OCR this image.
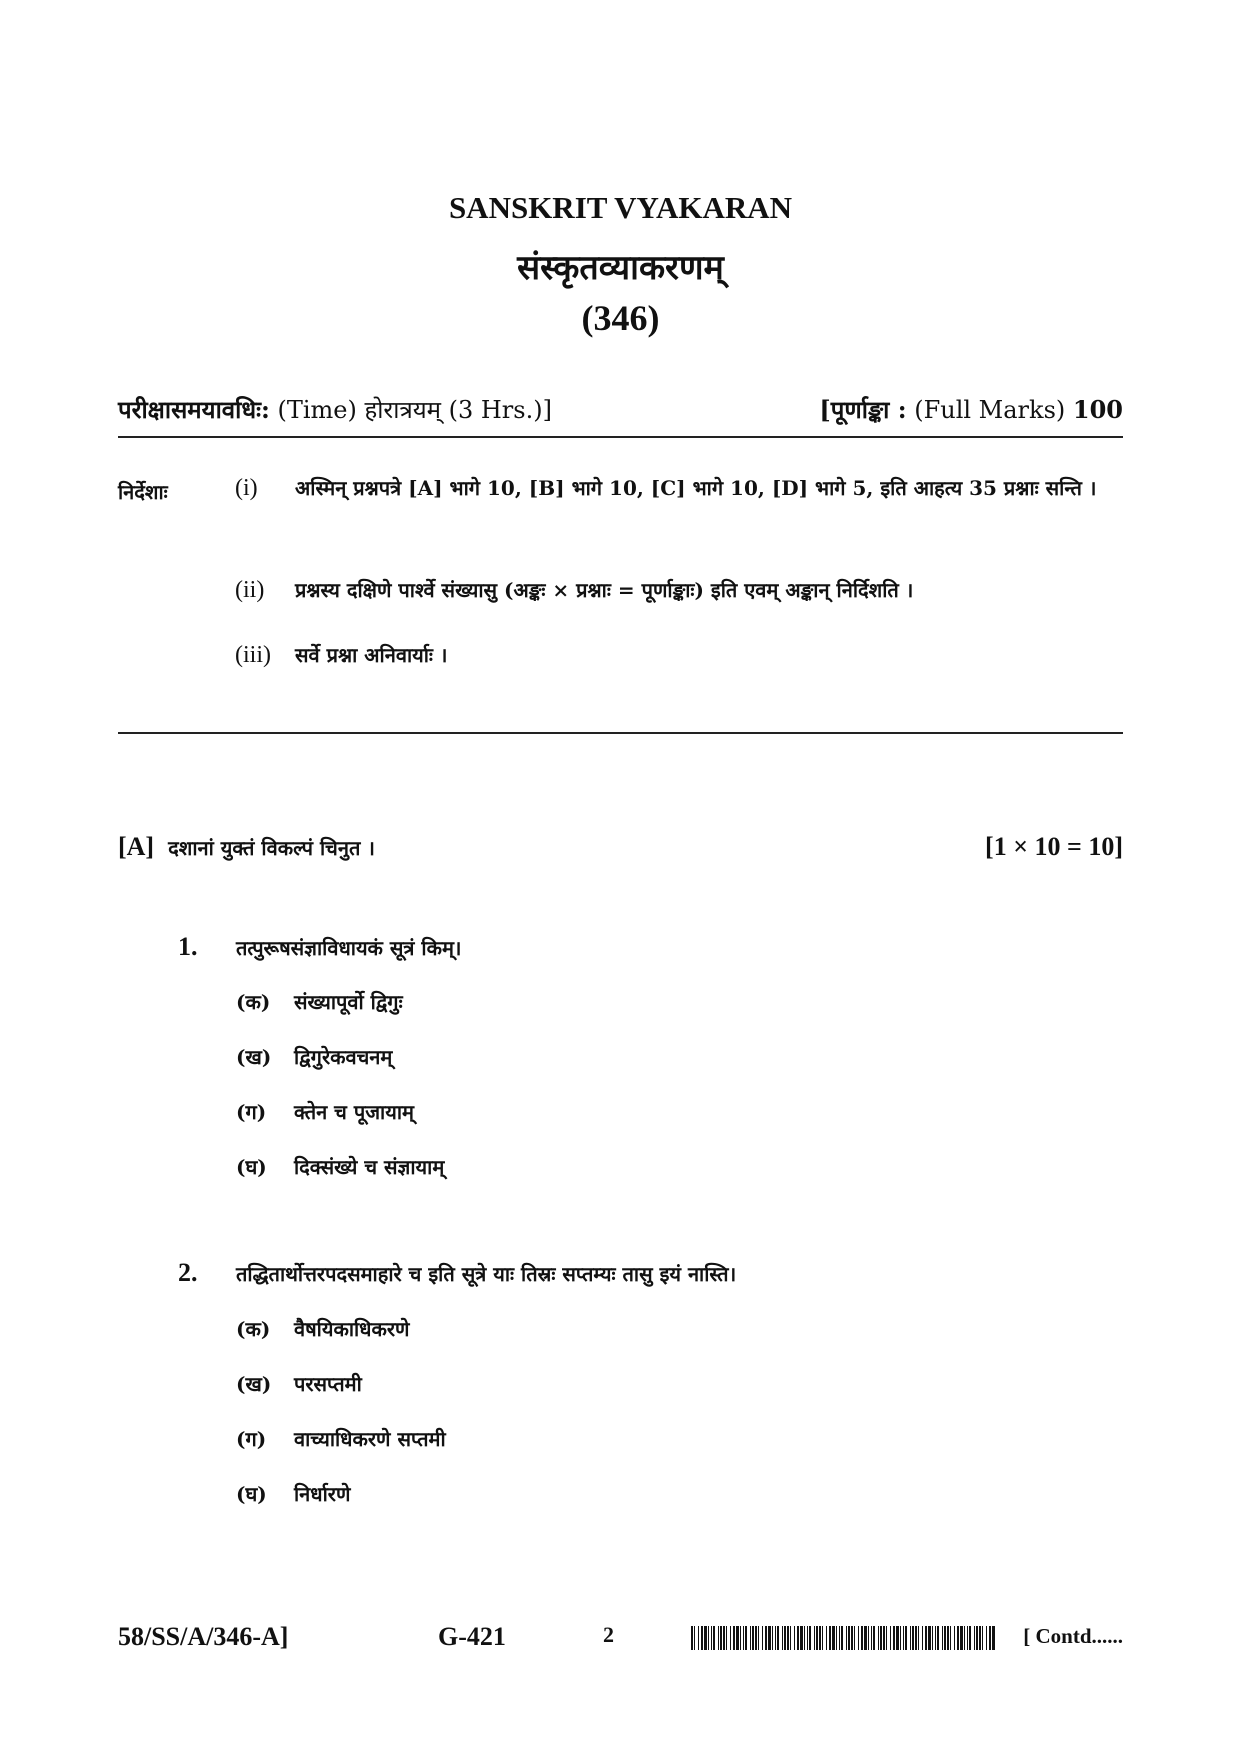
SANSKRIT VYAKARAN
संस्कृतव्याकरणम्
(346)
परीक्षासमयावधिः: (Time) होरात्रयम् (3 Hrs.)]	[पूर्णाङ्का : (Full Marks) 100
निर्देशाः	(i) अस्मिन् प्रश्नपत्रे [A] भागे 10, [B] भागे 10, [C] भागे 10, [D] भागे 5, इति आहत्य 35 प्रश्नाः सन्ति ।
(ii) प्रश्नस्य दक्षिणे पार्श्वे संख्यासु (अङ्कः × प्रश्नाः = पूर्णाङ्काः) इति एवम् अङ्कान् निर्दिशति ।
(iii) सर्वे प्रश्ना अनिवार्याः ।
[A] दशानां युक्तं विकल्पं चिनुत ।	[1 × 10 = 10]
1. तत्पुरूषसंज्ञाविधायकं सूत्रं किम्।
(क) संख्यापूर्वो द्विगुः
(ख) द्विगुरेकवचनम्
(ग)	क्तेन च पूजायाम्
(घ)	दिक्संख्ये च संज्ञायाम्
2. तद्धितार्थोत्तरपदसमाहारे च इति सूत्रे याः तिस्रः सप्तम्यः तासु इयं नास्ति।
(क) वैषयिकाधिकरणे
(ख) परसप्तमी
(ग)	वाच्याधिकरणे सप्तमी
(घ)	निर्धारणे
58/SS/A/346-A]	G-421	2	[ Contd......
